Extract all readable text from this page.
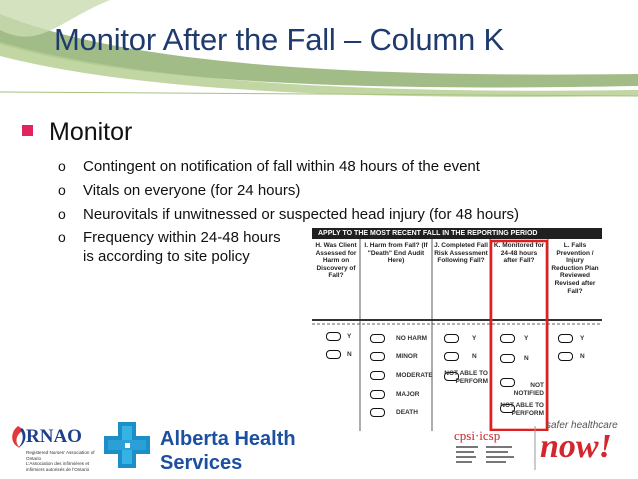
Monitor After the Fall – Column K
Monitor
o Contingent on notification of fall within 48 hours of the event
o Vitals on everyone (for 24 hours)
o Neurovitals if unwitnessed or suspected head injury (for 48 hours)
o Frequency within 24-48 hours is according to site policy
APPLY TO THE MOST RECENT FALL IN THE REPORTING PERIOD
H. Was Client Assessed for Harm on Discovery of Fall?
I. Harm from Fall? (If "Death" End Audit Here)
J. Completed Fall Risk Assessment Following Fall?
K. Monitored for 24-48 hours after Fall?
L. Falls Prevention / Injury Reduction Plan Reviewed Revised after Fall?
Y
N
NO HARM
MINOR
MODERATE
MAJOR
DEATH
Y
N
NOT ABLE TO PERFORM
Y
N
NOT NOTIFIED
NOT ABLE TO PERFORM
Y
N
RNAO
Registered Nurses' Association of Ontario
L'Association des infirmières et infirmiers autorisés de l'Ontario
Alberta Health
Services
cpsi·icsp
safer healthcare
now!
